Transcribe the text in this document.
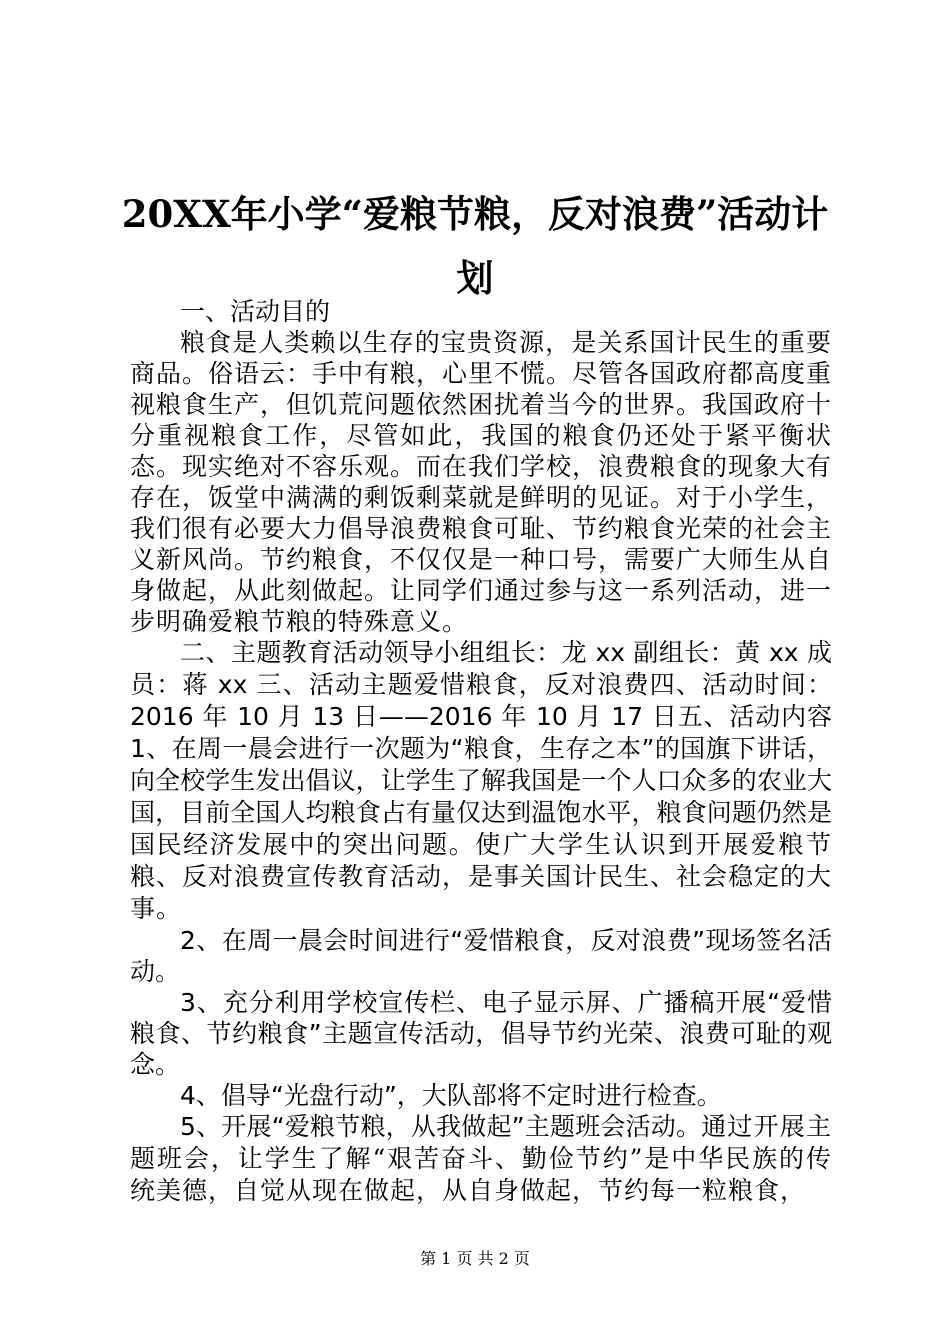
20XX年小学“爱粮节粮，反对浪费”活动计划

一、活动目的

粮食是人类赖以生存的宝贵资源，是关系国计民生的重要商品。俗语云：手中有粮，心里不慌。尽管各国政府都高度重视粮食生产，但饥荒问题依然困扰着当今的世界。我国政府十分重视粮食工作，尽管如此，我国的粮食仍还处于紧平衡状态。现实绝对不容乐观。而在我们学校，浪费粮食的现象大有存在，饭堂中满满的剩饭剩菜就是鲜明的见证。对于小学生，我们很有必要大力倡导浪费粮食可耻、节约粮食光荣的社会主义新风尚。节约粮食，不仅仅是一种口号，需要广大师生从自身做起，从此刻做起。让同学们通过参与这一系列活动，进一步明确爱粮节粮的特殊意义。

二、主题教育活动领导小组组长：龙 xx 副组长：黄 xx 成员：蒋 xx 三、活动主题爱惜粮食，反对浪费四、活动时间：2016 年 10 月 13 日——2016 年 10 月 17 日五、活动内容 1、在周一晨会进行一次题为“粮食，生存之本”的国旗下讲话，向全校学生发出倡议，让学生了解我国是一个人口众多的农业大国，目前全国人均粮食占有量仅达到温饱水平，粮食问题仍然是国民经济发展中的突出问题。使广大学生认识到开展爱粮节粮、反对浪费宣传教育活动，是事关国计民生、社会稳定的大事。

2、在周一晨会时间进行“爱惜粮食，反对浪费”现场签名活动。

3、充分利用学校宣传栏、电子显示屏、广播稿开展“爱惜粮食、节约粮食”主题宣传活动，倡导节约光荣、浪费可耻的观念。

4、倡导“光盘行动”，大队部将不定时进行检查。

5、开展“爱粮节粮，从我做起”主题班会活动。通过开展主题班会，让学生了解“艰苦奋斗、勤俭节约”是中华民族的传统美德，自觉从现在做起，从自身做起，节约每一粒粮食，

第 1 页 共 2 页
